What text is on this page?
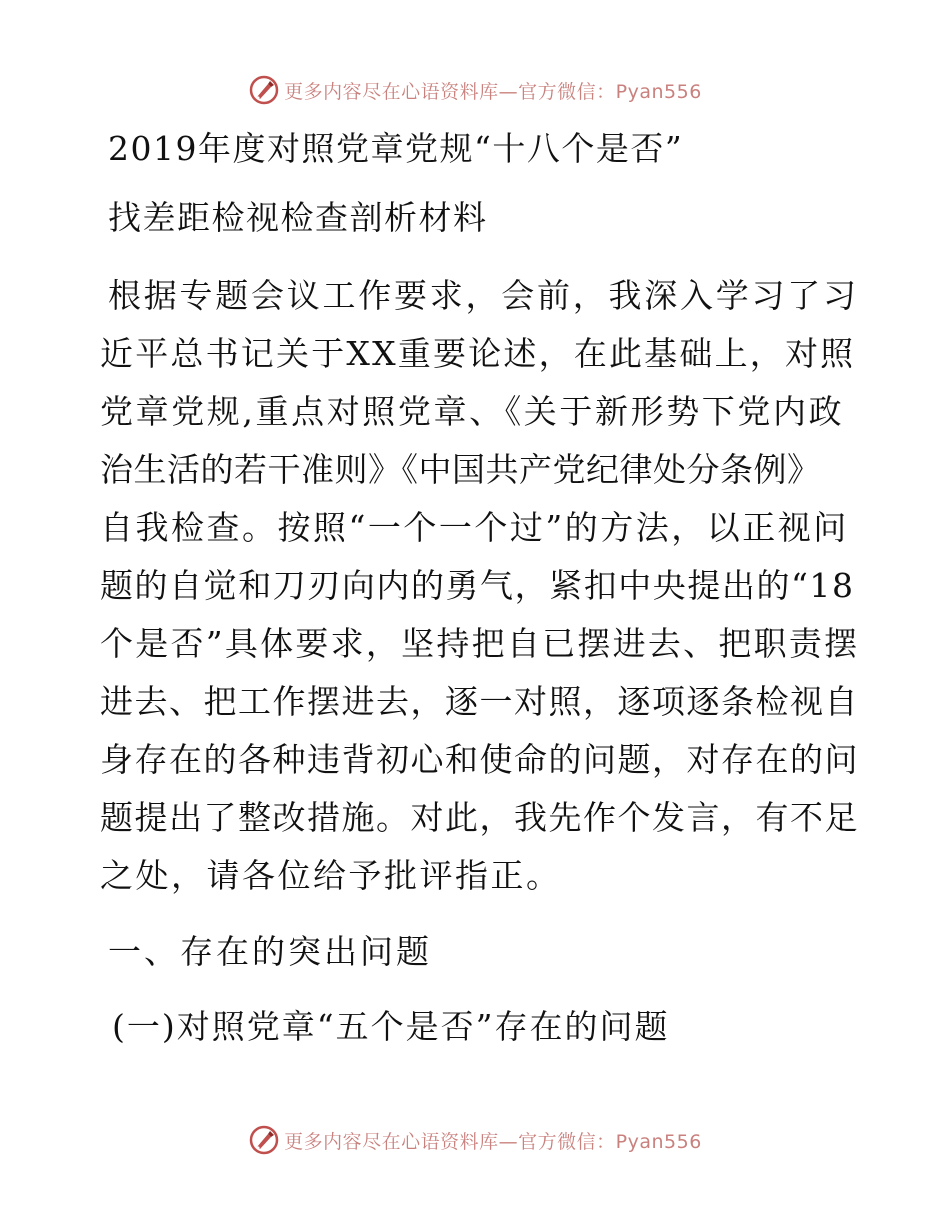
更多内容尽在心语资料库—官方微信：Pyan556
2019年度对照党章党规“十八个是否”
找差距检视检查剖析材料
根据专题会议工作要求，会前，我深入学习了习
近平总书记关于XX重要论述，在此基础上，对照
党章党规,重点对照党章、《关于新形势下党内政
治生活的若干准则》《中国共产党纪律处分条例》
自我检查。按照“一个一个过”的方法，以正视问
题的自觉和刀刃向内的勇气，紧扣中央提出的“18
个是否”具体要求，坚持把自已摆进去、把职责摆
进去、把工作摆进去，逐一对照，逐项逐条检视自
身存在的各种违背初心和使命的问题，对存在的问
题提出了整改措施。对此，我先作个发言，有不足
之处，请各位给予批评指正。
一、存在的突出问题
(一)对照党章“五个是否”存在的问题
更多内容尽在心语资料库—官方微信：Pyan556
